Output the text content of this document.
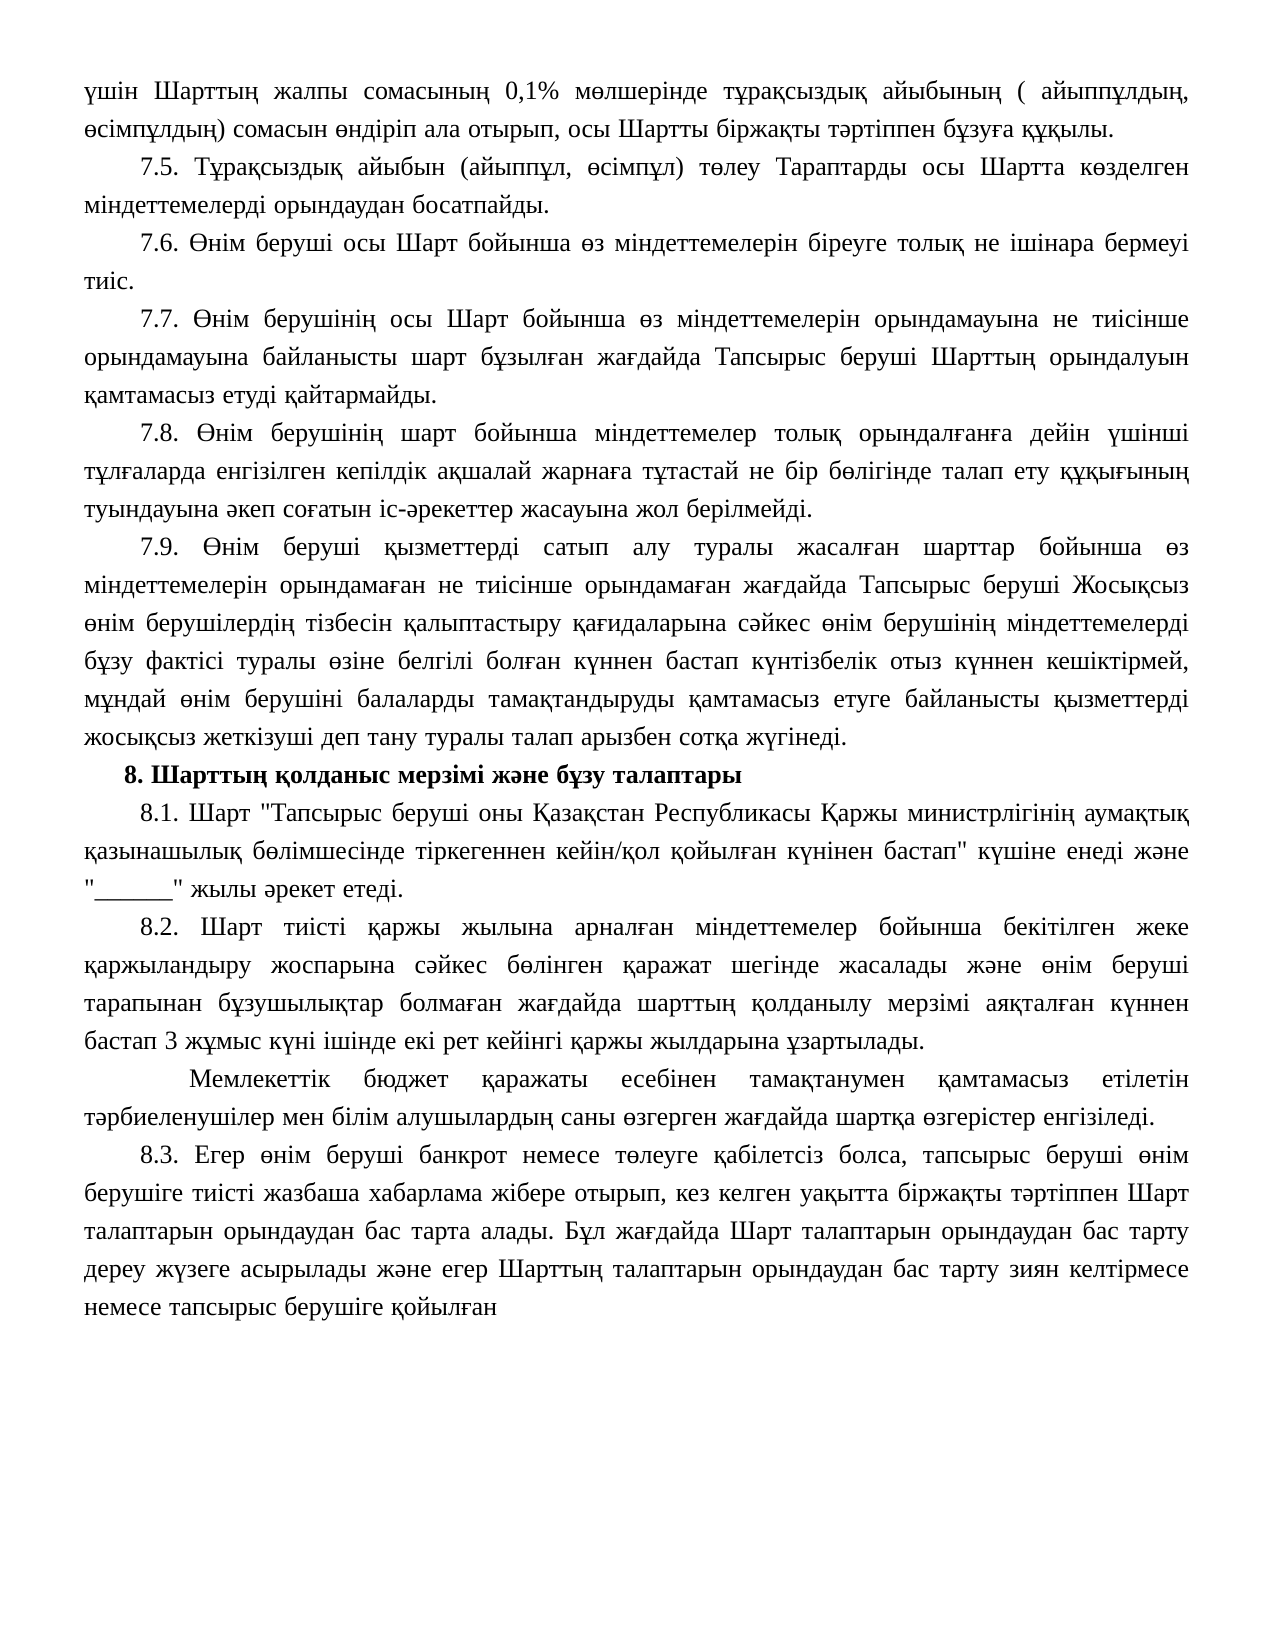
үшін Шарттың жалпы сомасының 0,1% мөлшерінде тұрақсыздық айыбының ( айыппұлдың, өсімпұлдың) сомасын өндіріп ала отырып, осы Шартты біржақты тәртіппен бұзуға құқылы.

7.5. Тұрақсыздық айыбын (айыппұл, өсімпұл) төлеу Тараптарды осы Шартта көзделген міндеттемелерді орындаудан босатпайды.

7.6. Өнім беруші осы Шарт бойынша өз міндеттемелерін біреуге толық не ішінара бермеуі тиіс.

7.7. Өнім берушінің осы Шарт бойынша өз міндеттемелерін орындамауына не тиісінше орындамауына байланысты шарт бұзылған жағдайда Тапсырыс беруші Шарттың орындалуын қамтамасыз етуді қайтармайды.

7.8. Өнім берушінің шарт бойынша міндеттемелер толық орындалғанға дейін үшінші тұлғаларда енгізілген кепілдік ақшалай жарнаға тұтастай не бір бөлігінде талап ету құқығының туындауына әкеп соғатын іс-әрекеттер жасауына жол берілмейді.

7.9. Өнім беруші қызметтерді сатып алу туралы жасалған шарттар бойынша өз міндеттемелерін орындамаған не тиісінше орындамаған жағдайда Тапсырыс беруші Жосықсыз өнім берушілердің тізбесін қалыптастыру қағидаларына сәйкес өнім берушінің міндеттемелерді бұзу фактісі туралы өзіне белгілі болған күннен бастап күнтізбелік отыз күннен кешіктірмей, мұндай өнім берушіні балаларды тамақтандыруды қамтамасыз етуге байланысты қызметтерді жосықсыз жеткізуші деп тану туралы талап арызбен сотқа жүгінеді.

8. Шарттың қолданыс мерзімі және бұзу талаптары

8.1. Шарт "Тапсырыс беруші оны Қазақстан Республикасы Қаржы министрлігінің аумақтық қазынашылық бөлімшесінде тіркегеннен кейін/қол қойылған күнінен бастап" күшіне енеді және "______" жылы әрекет етеді.

8.2. Шарт тиісті қаржы жылына арналған міндеттемелер бойынша бекітілген жеке қаржыландыру жоспарына сәйкес бөлінген қаражат шегінде жасалады және өнім беруші тарапынан бұзушылықтар болмаған жағдайда шарттың қолданылу мерзімі аяқталған күннен бастап 3 жұмыс күні ішінде екі рет кейінгі қаржы жылдарына ұзартылады.

Мемлекеттік бюджет қаражаты есебінен тамақтанумен қамтамасыз етілетін тәрбиеленушілер мен білім алушылардың саны өзгерген жағдайда шартқа өзгерістер енгізіледі.

8.3. Егер өнім беруші банкрот немесе төлеуге қабілетсіз болса, тапсырыс беруші өнім берушіге тиісті жазбаша хабарлама жібере отырып, кез келген уақытта біржақты тәртіппен Шарт талаптарын орындаудан бас тарта алады. Бұл жағдайда Шарт талаптарын орындаудан бас тарту дереу жүзеге асырылады және егер Шарттың талаптарын орындаудан бас тарту зиян келтірмесе немесе тапсырыс берушіге қойылған
